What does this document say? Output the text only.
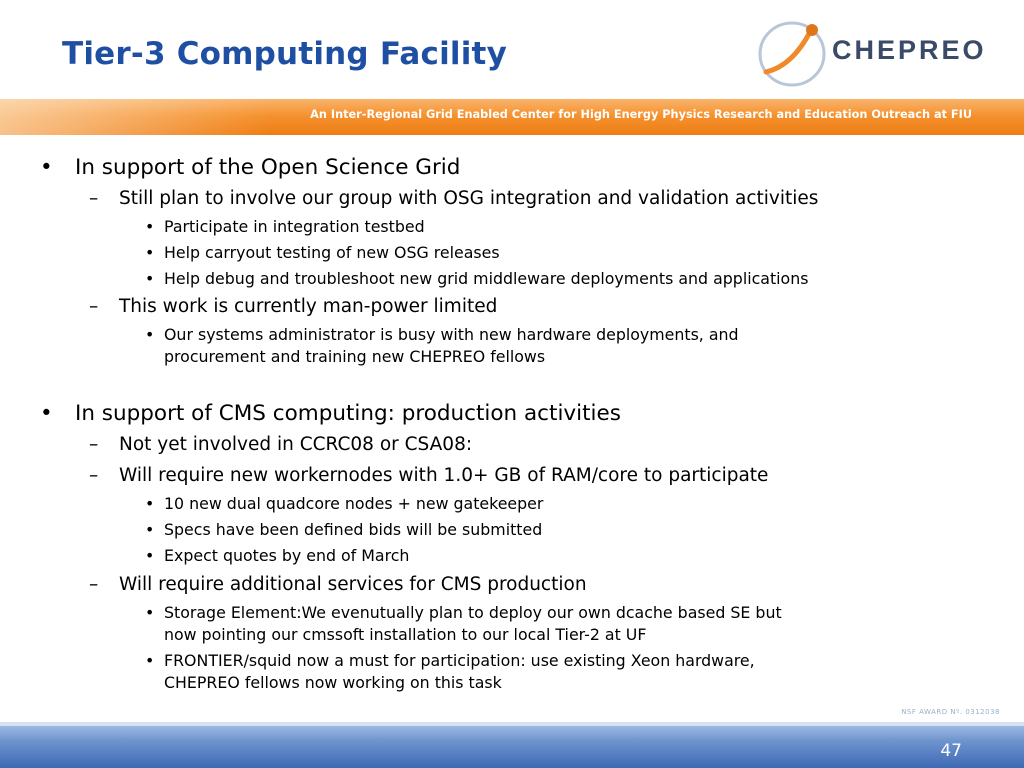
Tier-3 Computing Facility	CHEPREO
An Inter-Regional Grid Enabled Center for High Energy Physics Research and Education Outreach at FIU
• In support of the Open Science Grid
– Still plan to involve our group with OSG integration and validation activities
• Participate in integration testbed
• Help carryout testing of new OSG releases
• Help debug and troubleshoot new grid middleware deployments and applications
– This work is currently man-power limited
• Our systems administrator is busy with new hardware deployments, and
procurement and training new CHEPREO fellows
• In support of CMS computing: production activities
– Not yet involved in CCRC08 or CSA08:
– Will require new workernodes with 1.0+ GB of RAM/core to participate
• 10 new dual quadcore nodes + new gatekeeper
• Specs have been defined bids will be submitted
• Expect quotes by end of March
– Will require additional services for CMS production
• Storage Element:We evenutually plan to deploy our own dcache based SE but
now pointing our cmssoft installation to our local Tier-2 at UF
• FRONTIER/squid now a must for participation: use existing Xeon hardware,
CHEPREO fellows now working on this task
NSF AWARD Nº. 0312038
47
